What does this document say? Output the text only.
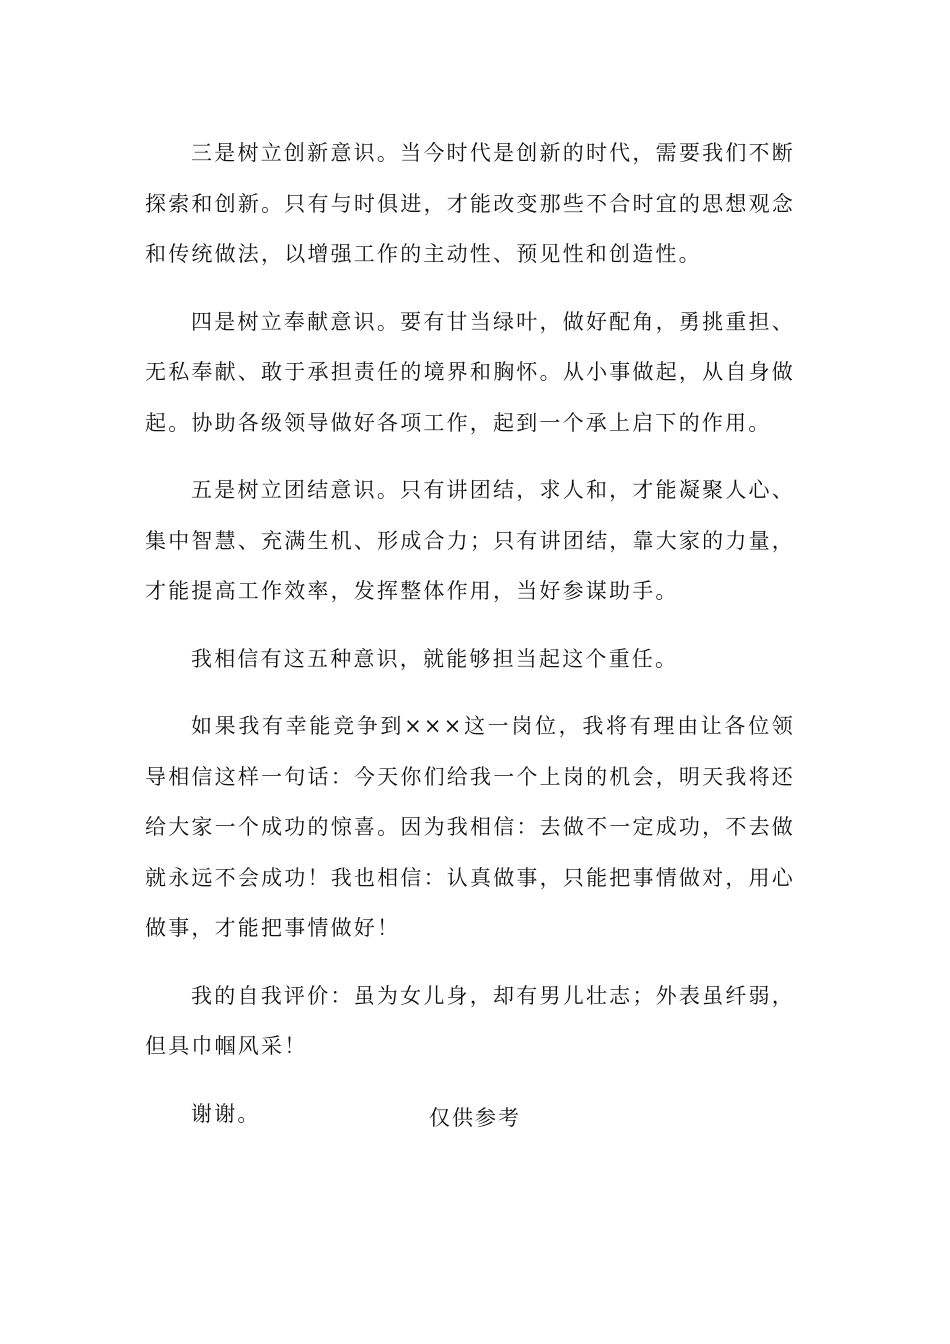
三是树立创新意识。当今时代是创新的时代，需要我们不断探索和创新。只有与时俱进，才能改变那些不合时宜的思想观念和传统做法，以增强工作的主动性、预见性和创造性。

四是树立奉献意识。要有甘当绿叶，做好配角，勇挑重担、无私奉献、敢于承担责任的境界和胸怀。从小事做起，从自身做起。协助各级领导做好各项工作，起到一个承上启下的作用。

五是树立团结意识。只有讲团结，求人和，才能凝聚人心、集中智慧、充满生机、形成合力；只有讲团结，靠大家的力量，才能提高工作效率，发挥整体作用，当好参谋助手。

我相信有这五种意识，就能够担当起这个重任。

如果我有幸能竞争到×××这一岗位，我将有理由让各位领导相信这样一句话：今天你们给我一个上岗的机会，明天我将还给大家一个成功的惊喜。因为我相信：去做不一定成功，不去做就永远不会成功！我也相信：认真做事，只能把事情做对，用心做事，才能把事情做好！

我的自我评价：虽为女儿身，却有男儿壮志；外表虽纤弱，但具巾帼风采！

谢谢。	仅供参考
